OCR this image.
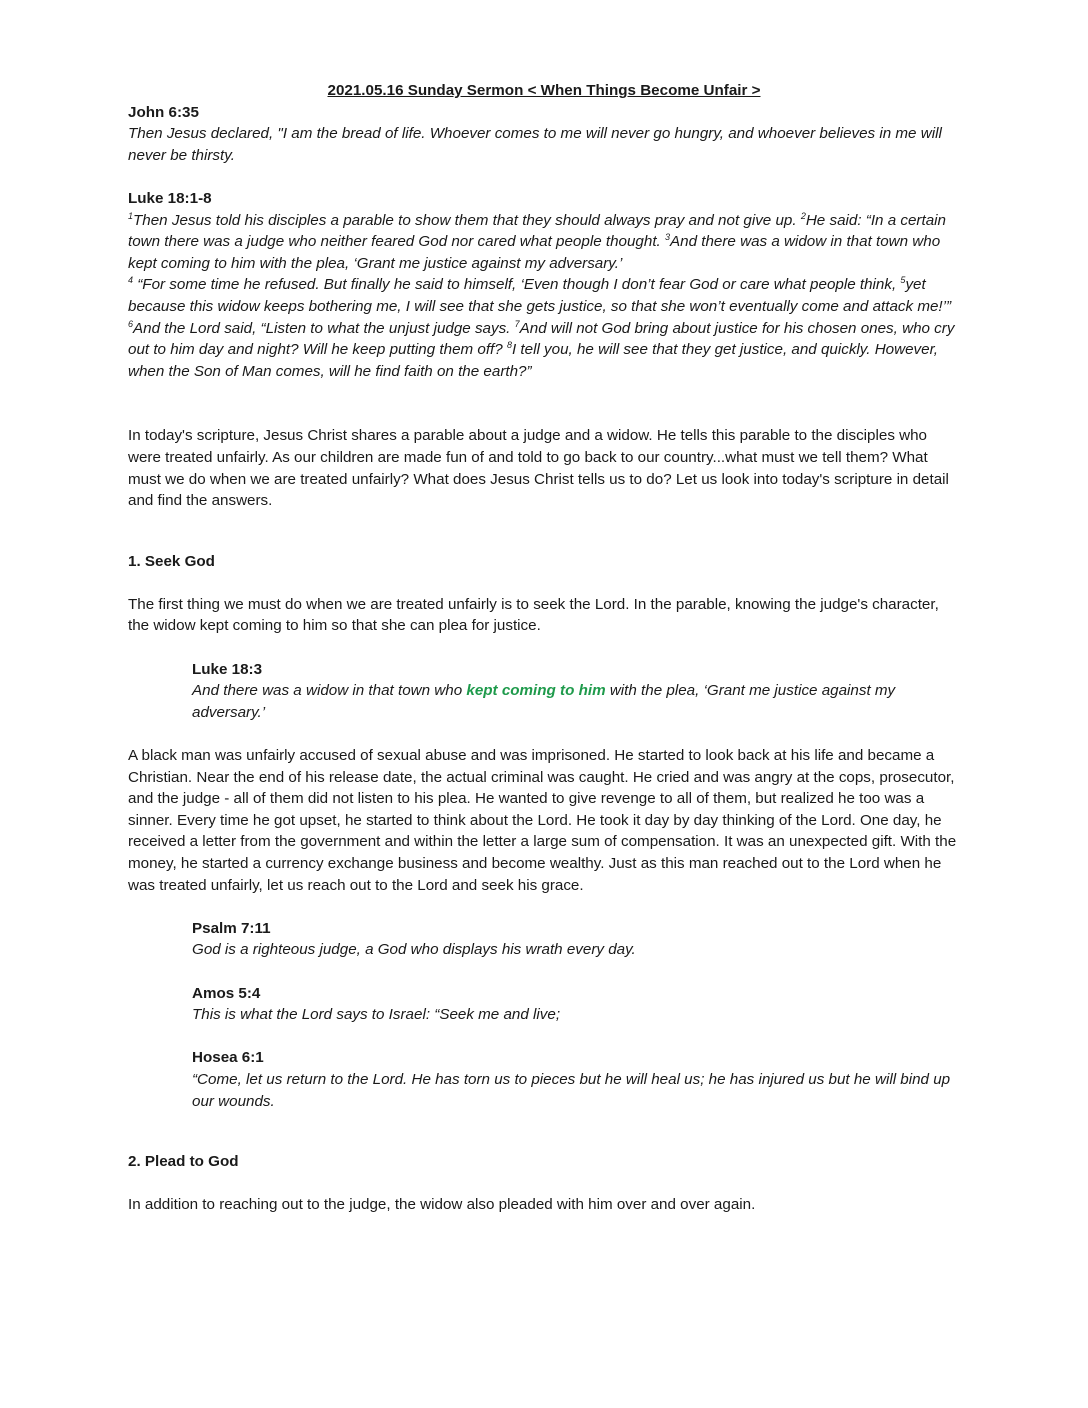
2021.05.16 Sunday Sermon < When Things Become Unfair >

John 6:35

Then Jesus declared, "I am the bread of life. Whoever comes to me will never go hungry, and whoever believes in me will never be thirsty.

Luke 18:1-8

$^1$Then Jesus told his disciples a parable to show them that they should always pray and not give up. $^2$He said: “In a certain town there was a judge who neither feared God nor cared what people thought. $^3$And there was a widow in that town who kept coming to him with the plea, ‘Grant me justice against my adversary.’
$^4$ “For some time he refused. But finally he said to himself, ‘Even though I don’t fear God or care what people think, $^5$yet because this widow keeps bothering me, I will see that she gets justice, so that she won’t eventually come and attack me!’” $^6$And the Lord said, “Listen to what the unjust judge says. $^7$And will not God bring about justice for his chosen ones, who cry out to him day and night? Will he keep putting them off? $^8$I tell you, he will see that they get justice, and quickly. However, when the Son of Man comes, will he find faith on the earth?”

In today's scripture, Jesus Christ shares a parable about a judge and a widow. He tells this parable to the disciples who were treated unfairly. As our children are made fun of and told to go back to our country...what must we tell them? What must we do when we are treated unfairly? What does Jesus Christ tells us to do? Let us look into today's scripture in detail and find the answers.

1. Seek God

The first thing we must do when we are treated unfairly is to seek the Lord. In the parable, knowing the judge's character, the widow kept coming to him so that she can plea for justice.

Luke 18:3

And there was a widow in that town who kept coming to him with the plea, ‘Grant me justice against my adversary.’

A black man was unfairly accused of sexual abuse and was imprisoned. He started to look back at his life and became a Christian. Near the end of his release date, the actual criminal was caught. He cried and was angry at the cops, prosecutor, and the judge - all of them did not listen to his plea. He wanted to give revenge to all of them, but realized he too was a sinner. Every time he got upset, he started to think about the Lord. He took it day by day thinking of the Lord. One day, he received a letter from the government and within the letter a large sum of compensation. It was an unexpected gift. With the money, he started a currency exchange business and become wealthy. Just as this man reached out to the Lord when he was treated unfairly, let us reach out to the Lord and seek his grace.

Psalm 7:11

God is a righteous judge, a God who displays his wrath every day.

Amos 5:4

This is what the Lord says to Israel: “Seek me and live;

Hosea 6:1

“Come, let us return to the Lord. He has torn us to pieces but he will heal us; he has injured us but he will bind up our wounds.

2. Plead to God

In addition to reaching out to the judge, the widow also pleaded with him over and over again.
